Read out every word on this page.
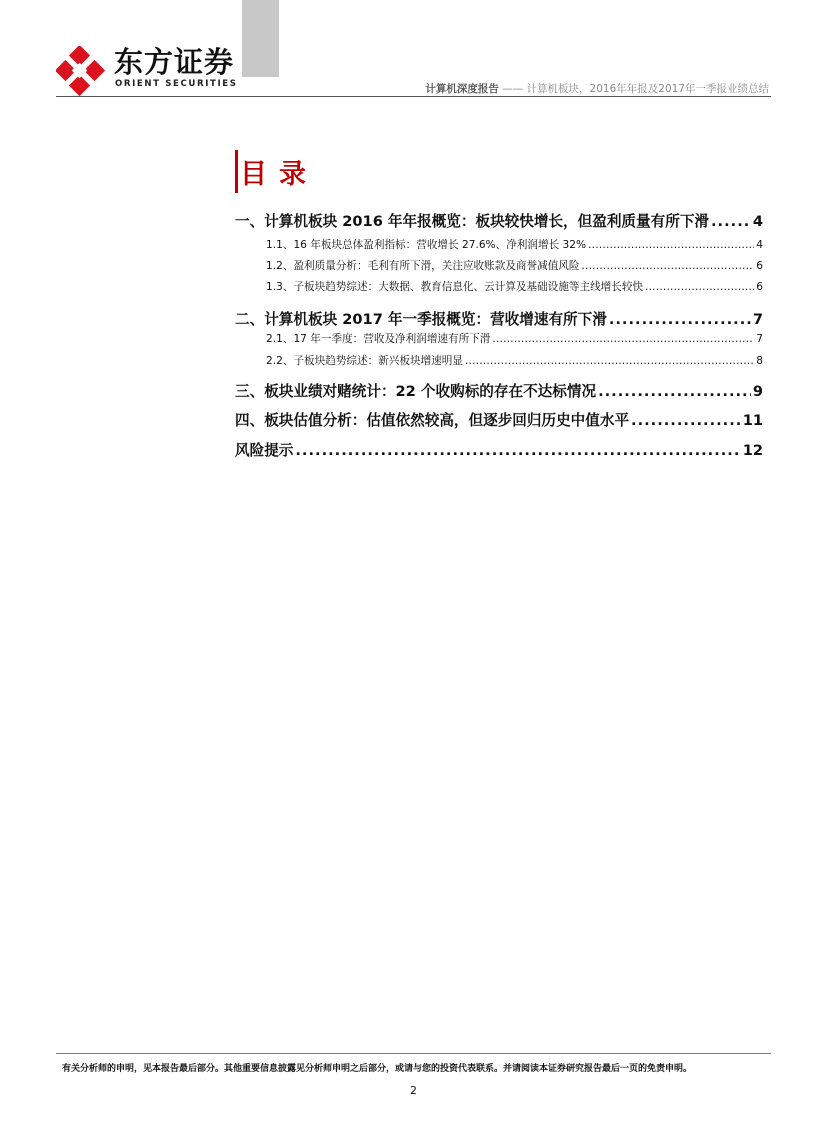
东方证券
ORIENT SECURITIES	计算机深度报告 —— 计算机板块，2016年年报及2017年一季报业绩总结
目录
一、计算机板块 2016 年年报概览：板块较快增长，但盈利质量有所下滑 .....	4
1.1、16 年板块总体盈利指标：营收增长 27.6%、净利润增长 32% .....	4
1.2、盈利质量分析：毛利有所下滑，关注应收账款及商誉减值风险 .....	6
1.3、子板块趋势综述：大数据、教育信息化、云计算及基础设施等主线增长较快 .....	6
二、计算机板块 2017 年一季报概览：营收增速有所下滑 .....	7
2.1、17 年一季度：营收及净利润增速有所下滑 .....	7
2.2、子板块趋势综述：新兴板块增速明显 .....	8
三、板块业绩对赌统计：22 个收购标的存在不达标情况 .....	9
四、板块估值分析：估值依然较高，但逐步回归历史中值水平 .....	11
风险提示 .....	12
有关分析师的申明，见本报告最后部分。其他重要信息披露见分析师申明之后部分，或请与您的投资代表联系。并请阅读本证券研究报告最后一页的免责申明。
2
